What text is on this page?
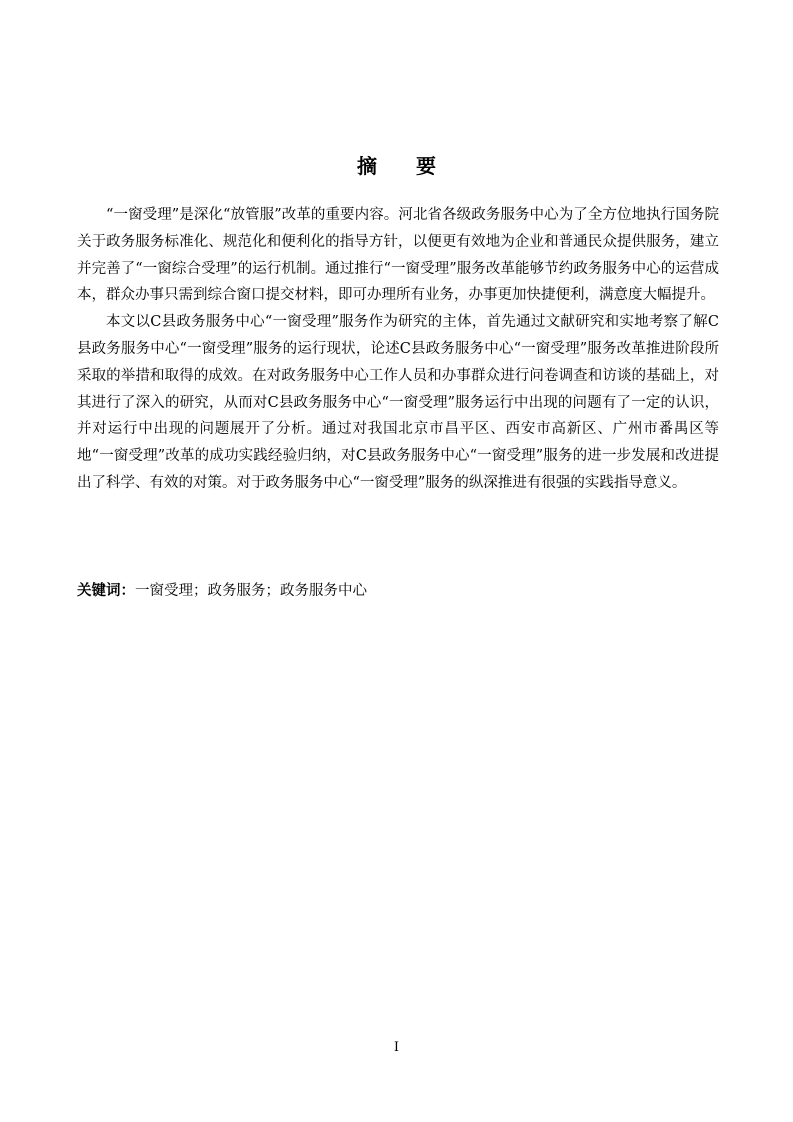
摘 要

“一窗受理”是深化“放管服”改革的重要内容。河北省各级政务服务中心为了全方位地执行国务院关于政务服务标准化、规范化和便利化的指导方针，以便更有效地为企业和普通民众提供服务，建立并完善了“一窗综合受理”的运行机制。通过推行“一窗受理”服务改革能够节约政务服务中心的运营成本，群众办事只需到综合窗口提交材料，即可办理所有业务，办事更加快捷便利，满意度大幅提升。

本文以C县政务服务中心“一窗受理”服务作为研究的主体，首先通过文献研究和实地考察了解C县政务服务中心“一窗受理”服务的运行现状，论述C县政务服务中心“一窗受理”服务改革推进阶段所采取的举措和取得的成效。在对政务服务中心工作人员和办事群众进行问卷调查和访谈的基础上，对其进行了深入的研究，从而对C县政务服务中心“一窗受理”服务运行中出现的问题有了一定的认识，并对运行中出现的问题展开了分析。通过对我国北京市昌平区、西安市高新区、广州市番禺区等地“一窗受理”改革的成功实践经验归纳，对C县政务服务中心“一窗受理”服务的进一步发展和改进提出了科学、有效的对策。对于政务服务中心“一窗受理”服务的纵深推进有很强的实践指导意义。

关键词：一窗受理；政务服务；政务服务中心
I
